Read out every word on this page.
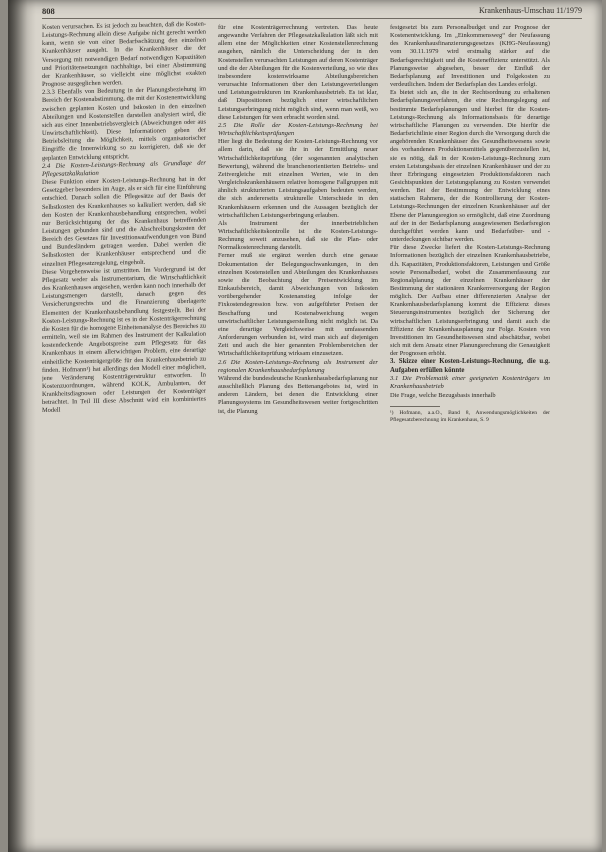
808	Krankenhaus-Umschau 11/1979

Kosten verursachen. Es ist jedoch zu beachten, daß die Kosten-Leistungs-Rechnung allein diese Aufgabe nicht gerecht werden kann, wenn sie von einer Bedarfsschätzung den einzelnen Krankenhäuser ausgeht. In die Krankenhäuser die der Versorgung mit notwendigen Bedarf notwendigen Kapazitäten und Prioritätensetzungen nachhaltige, bei einer Abstimmung der Krankenhäuser, so vielleicht eine möglichst exakten Prognose ausgeglichen werden.

2.3.3 Ebenfalls von Bedeutung in der Planungsbeziehung im Bereich der Kostenabstimmung, die mit der Kostenentwicklung zwischen geplanten Kosten und Istkosten in den einzelnen Abteilungen und Kostenstellen darstellen analysiert wird, die sich aus einer Innenbetriebsvergleich (Abweichungen oder aus Unwirtschaftlichkeit). Diese Informationen geben der Betriebsleitung die Möglichkeit, mittels organisatorischer Eingriffe die Innenwirkung so zu korrigieren, daß sie der geplanten Entwicklung entspricht.

2.4 Die Kosten-Leistungs-Rechnung als Grundlage der Pflegesatzkalkulation

Diese Funktion einer Kosten-Leistungs-Rechnung hat in der Gesetzgeber besonders im Auge, als er sich für eine Einführung entschied. Danach sollen die Pflegesätze auf der Basis der Selbstkosten des Krankenhauses so kalkuliert werden, daß sie den Kosten der Krankenhausbehandlung entsprechen, wobei nur Berücksichtigung der das Krankenhaus betreffenden Leistungen gebunden sind und die Abschreibungskosten der Bereich des Gesetzes für Investitionsaufwendungen von Bund und Bundesländern getragen werden. Dabei werden die Selbstkosten der Krankenhäuser entsprechend und die einzelnen Pflegesatzregelung, eingeholt.

Diese Vorgehensweise ist umstritten. Im Vordergrund ist der Pflegesatz weder als Instrumentarium, die Wirtschaftlichkeit des Krankenhauses angesehen, werden kann noch innerhalb der Leistungsmengen darstellt, danach gegen des Versicherungsrechts und die Finanzierung überlagerte Elementen der Krankenhausbehandlung festgestellt. Bei der Kosten-Leistungs-Rechnung ist es in der Kostenträgerrechnung die Kosten für die homogene Einheitenanalyse des Bereiches zu ermitteln, weil sie im Rahmen des Instrument der Kalkulation kostendeckende Angebotspreise zum Pflegesatz für das Krankenhaus in einem allerwichtigen Problem, eine derartige einheitliche Kostenträgergröße für den Krankenhausbetrieb zu finden. Hofmann¹) hat allerdings den Modell einer möglichen, jene Veränderung Kostenträgerstruktur entworfen. In Kostenzuordnungen, während KOLK, Ambulanten, der Krankheitsdiagnosen oder Leistungen der Kostenträger betrachtet. In Teil III diese Abschnitt wird ein kombiniertes Modell

für eine Kostenträgerrechnung vertreten. Das heute angewandte Verfahren der Pflegesatzkalkulation läßt sich mit allem eine der Möglichkeiten einer Kostenstellenrechnung ausgehen, nämlich die Unterscheidung der in den Kostenstellen verursachten Leistungen auf deren Kostenträger und die der Abteilungen für die Kostenverteilung, so wie dies insbesondere kostenwirksame Abteilungsbereichen verursachte Informationen über den Leistungsverteilungen und Leistungsstrukturen im Krankenhausbetrieb. Es ist klar, daß Dispositionen bezüglich einer wirtschaftlichen Leistungserbringung nicht möglich sind, wenn man weiß, wo diese Leistungen für wen erbracht worden sind.

2.5 Die Rolle der Kosten-Leistungs-Rechnung bei Wirtschaftlichkeitsprüfungen

Hier liegt die Bedeutung der Kosten-Leistungs-Rechnung vor allem darin, daß sie ihr in der Ermittlung neuer Wirtschaftlichkeitsprüfung (der sogenannten analytischen Bewertung), während die branchenorientierten Betriebs- und Zeitvergleiche mit einzelnen Werten, wie in den Vergleichskrankenhäusern relative homogene Fallgruppen mit ähnlich strukturierten Leistungsaufgaben bedeuten werden, die sich andererseits strukturelle Unterschiede in den Krankenhäusern erkennen und die Aussagen bezüglich der wirtschaftlichen Leistungserbringung erlauben.

Als Instrument der innerbetrieblichen Wirtschaftlichkeitskontrolle ist die Kosten-Leistungs-Rechnung soweit anzusehen, daß sie die Plan- oder Normalkostenrechnung darstellt.

Ferner muß sie ergänzt werden durch eine genaue Dokumentation der Belegungsschwankungen, in den einzelnen Kostenstellen und Abteilungen des Krankenhauses sowie die Beobachtung der Preisentwicklung im Einkaufsbereich, damit Abweichungen von Istkosten vorübergehender Kostenanstieg infolge der Fixkostendegression bzw. von aufgeführter Preisen der Beschaffung und Kostenabweichung wegen unwirtschaftlicher Leistungserstellung nicht möglich ist. Da eine derartige Vergleichsweise mit umfassenden Anforderungen verbunden ist, wird man sich auf diejenigen Zeit und auch die hier genannten Problembereichen der Wirtschaftlichkeitsprüfung wirksam einzusetzen.

2.6 Die Kosten-Leistungs-Rechnung als Instrument der regionalen Krankenhausbedarfsplanung

Während die bundesdeutsche Krankenhausbedarfsplanung nur ausschließlich Planung des Bettenangebotes ist, wird in anderen Ländern, bei denen die Entwicklung einer Planungssystems im Gesundheitswesen weiter fortgeschritten ist, die Planung

festgesetzt bis zum Personalbudget und zur Prognose der Kostenentwicklung. Im „Einkommensweg“ der Neufassung des Krankenhausfinanzierungsgesetzes (KHG-Neufassung) vom 30.11.1979 wird erstmalig stärker auf die Bedarfsgerechtigkeit und die Kosteneffizienz unterstützt. Als Planungsweise abgesehen, besser der Einfluß der Bedarfsplanung auf Investitionen und Folgekosten zu verdeutlichen. Indem der Bedarfsplan des Landes erfolgt.

Es bietet sich an, die in der Rechtsordnung zu erhaltenen Bedarfsplanungsverfahren, die eine Rechnungslegung auf bestimmte Bedarfsplanungen und hierbei für die Kosten-Leistungs-Rechnung als Informationsbasis für derartige wirtschaftliche Planungen zu verwenden. Die hierfür die Bedarfsrichtlinie einer Region durch die Versorgung durch die angehörenden Krankenhäuser des Gesundheitswesens sowie des vorhandenen Produktionsmittels gegenüberzustellen ist, sie es nötig, daß in der Kosten-Leistungs-Rechnung zum ersten Leistungsbasis der einzelnen Krankenhäuser und der zu ihrer Erbringung eingesetzten Produktionsfaktoren nach Gesichtspunkten der Leistungsplanung zu Kosten verwendet werden. Bei der Bestimmung der Entwicklung eines statischen Rahmens, der die Kontrollierung der Kosten-Leistungs-Rechnungen der einzelnen Krankenhäuser auf der Ebene der Planungsregion so ermöglicht, daß eine Zuordnung auf der in der Bedarfsplanung ausgewiesenen Bedarfsregion durchgeführt werden kann und Bedarfsüber- und -unterdeckungen sichtbar werden.

Für diese Zwecke liefert die Kosten-Leistungs-Rechnung Informationen bezüglich der einzelnen Krankenhausbetriebe, d.h. Kapazitäten, Produktionsfaktoren, Leistungen und Größe sowie Personalbedarf, wobei die Zusammenfassung zur Regionalplanung der einzelnen Krankenhäuser der Bestimmung der stationären Krankenversorgung der Region möglich. Der Aufbau einer differenzierten Analyse der Krankenhausbedarfsplanung kommt die Effizienz dieses Steuerungsinstrumentes bezüglich der Sicherung der wirtschaftlichen Leistungserbringung und damit auch die Effizienz der Krankenhausplanung zur Folge. Kosten von Investitionen im Gesundheitswesen sind abschätzbar, wobei sich mit dem Ansatz einer Planungsrechnung die Genauigkeit der Prognosen erhöht.

3. Skizze einer Kosten-Leistungs-Rechnung, die u.g. Aufgaben erfüllen könnte

3.1 Die Problematik einer geeigneten Kostenträgers im Krankenhausbetrieb

Die Frage, welche Bezugsbasis innerhalb

¹) Hofmann, a.a.O., Band 8, Anwendungsmöglichkeiten der Pflegesatzberechnung im Krankenhaus, S. 9
